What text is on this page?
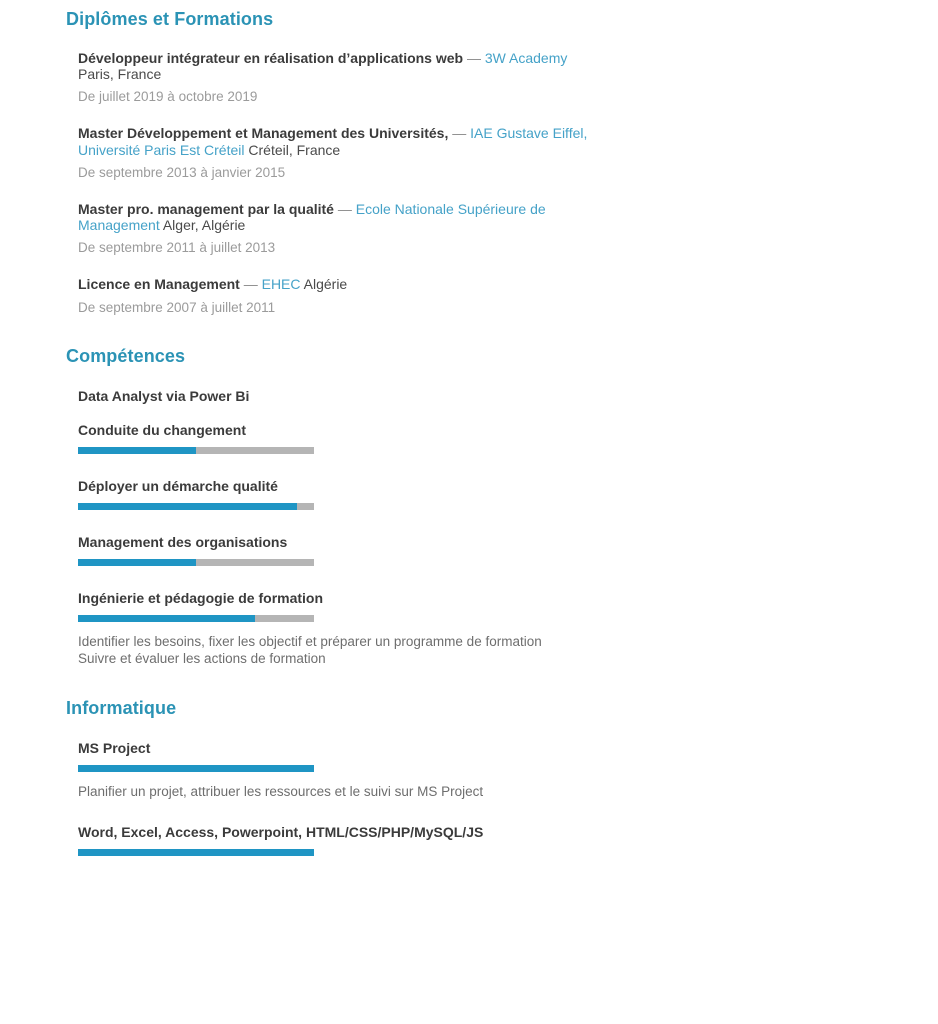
Diplômes et Formations

Développeur intégrateur en réalisation d’applications web — 3W Academy Paris, France

De juillet 2019 à octobre 2019

Master Développement et Management des Universités, — IAE Gustave Eiffel, Université Paris Est Créteil Créteil, France

De septembre 2013 à janvier 2015

Master pro. management par la qualité — Ecole Nationale Supérieure de Management Alger, Algérie

De septembre 2011 à juillet 2013

Licence en Management — EHEC Algérie

De septembre 2007 à juillet 2011

Compétences

Data Analyst via Power Bi

Conduite du changement

Déployer un démarche qualité

Management des organisations

Ingénierie et pédagogie de formation

Identifier les besoins, fixer les objectif et préparer un programme de formation

Suivre et évaluer les actions de formation

Informatique

MS Project

Planifier un projet, attribuer les ressources et le suivi sur MS Project

Word, Excel, Access, Powerpoint, HTML/CSS/PHP/MySQL/JS
